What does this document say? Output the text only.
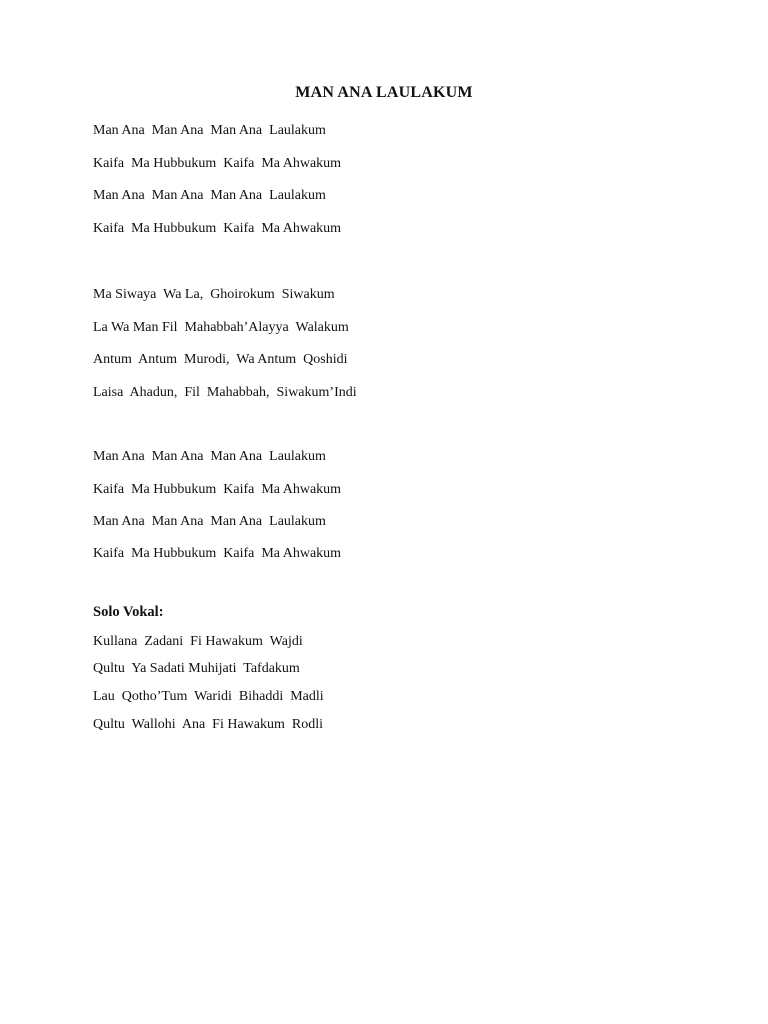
MAN ANA LAULAKUM
Man Ana  Man Ana  Man Ana  Laulakum
Kaifa  Ma Hubbukum  Kaifa  Ma Ahwakum
Man Ana  Man Ana  Man Ana  Laulakum
Kaifa  Ma Hubbukum  Kaifa  Ma Ahwakum
Ma Siwaya  Wa La,  Ghoirokum  Siwakum
La Wa Man Fil  Mahabbah’Alayya  Walakum
Antum  Antum  Murodi,  Wa Antum  Qoshidi
Laisa  Ahadun,  Fil  Mahabbah,  Siwakum’Indi
Man Ana  Man Ana  Man Ana  Laulakum
Kaifa  Ma Hubbukum  Kaifa  Ma Ahwakum
Man Ana  Man Ana  Man Ana  Laulakum
Kaifa  Ma Hubbukum  Kaifa  Ma Ahwakum
Solo Vokal:
Kullana  Zadani  Fi Hawakum  Wajdi
Qultu  Ya Sadati Muhijati  Tafdakum
Lau  Qotho’Tum  Waridi  Bihaddi  Madli
Qultu  Wallohi  Ana  Fi Hawakum  Rodli
